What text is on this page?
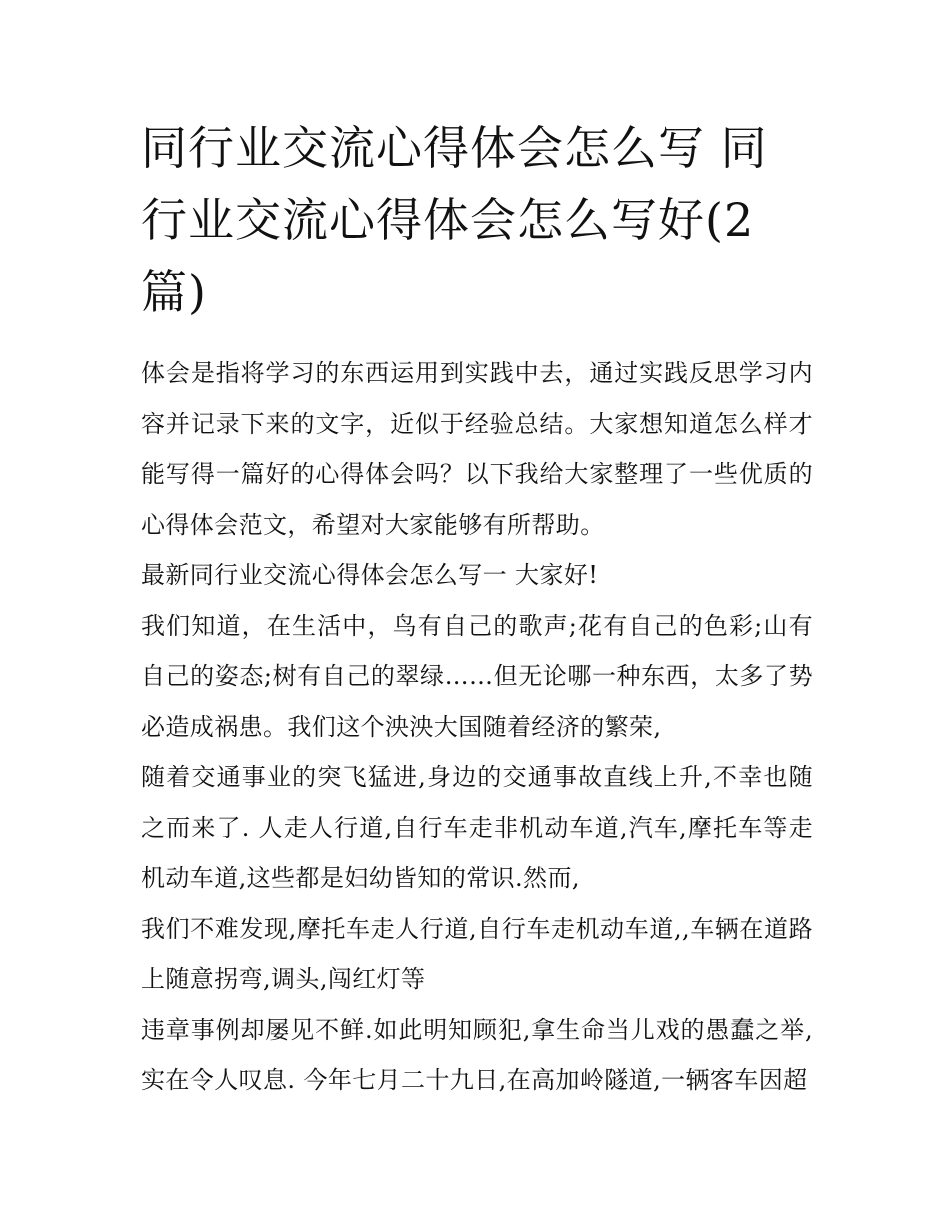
同行业交流心得体会怎么写 同行业交流心得体会怎么写好(2篇)

体会是指将学习的东西运用到实践中去，通过实践反思学习内容并记录下来的文字，近似于经验总结。大家想知道怎么样才能写得一篇好的心得体会吗？以下我给大家整理了一些优质的心得体会范文，希望对大家能够有所帮助。

最新同行业交流心得体会怎么写一 大家好!

我们知道，在生活中，鸟有自己的歌声;花有自己的色彩;山有自己的姿态;树有自己的翠绿……但无论哪一种东西，太多了势必造成祸患。我们这个泱泱大国随着经济的繁荣,

随着交通事业的突飞猛进,身边的交通事故直线上升,不幸也随之而来了. 人走人行道,自行车走非机动车道,汽车,摩托车等走机动车道,这些都是妇幼皆知的常识.然而,

我们不难发现,摩托车走人行道,自行车走机动车道,,车辆在道路上随意拐弯,调头,闯红灯等

违章事例却屡见不鲜.如此明知顾犯,拿生命当儿戏的愚蠢之举,实在令人叹息. 今年七月二十九日,在高加岭隧道,一辆客车因超
